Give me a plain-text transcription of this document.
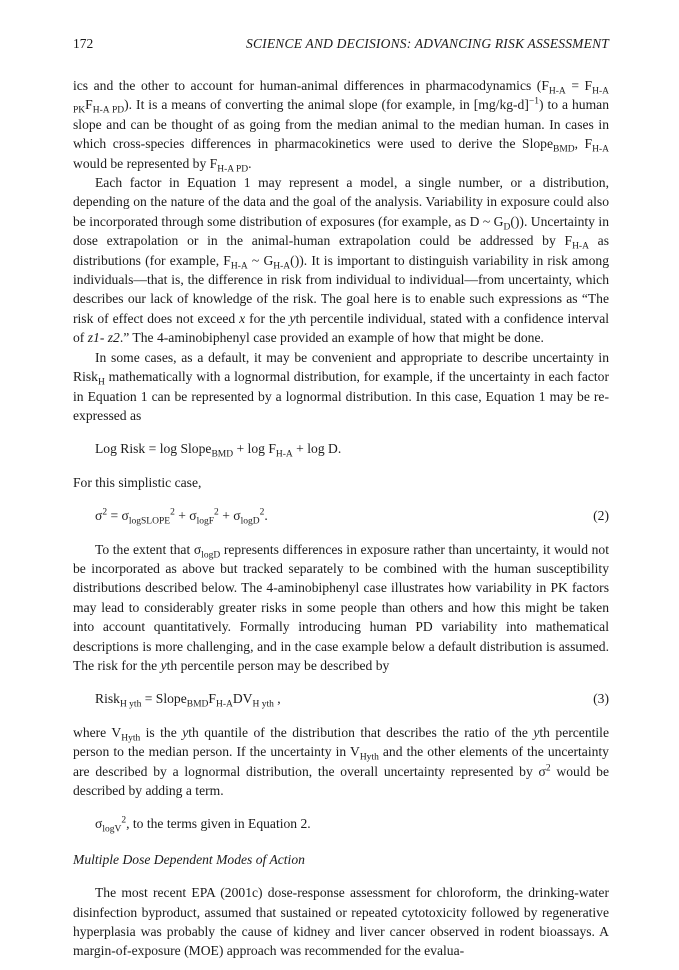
172	SCIENCE AND DECISIONS: ADVANCING RISK ASSESSMENT

ics and the other to account for human-animal differences in pharmacodynamics $(F_{H-A} = F_{H-A PK}F_{H-A PD})$. It is a means of converting the animal slope (for example, in $[mg/kg-d]^{-1}$) to a human slope and can be thought of as going from the median animal to the median human. In cases in which cross-species differences in pharmacokinetics were used to derive the Slope$_{BMD}$, $F_{H-A}$ would be represented by $F_{H-A PD}$.

Each factor in Equation 1 may represent a model, a single number, or a distribution, depending on the nature of the data and the goal of the analysis. Variability in exposure could also be incorporated through some distribution of exposures (for example, as D ~ $G_D()$). Uncertainty in dose extrapolation or in the animal-human extrapolation could be addressed by $F_{H-A}$ as distributions (for example, $F_{H-A}$ ~ $G_{H-A}()$). It is important to distinguish variability in risk among individuals—that is, the difference in risk from individual to individual—from uncertainty, which describes our lack of knowledge of the risk. The goal here is to enable such expressions as “The risk of effect does not exceed x for the yth percentile individual, stated with a confidence interval of z1- z2.” The 4-aminobiphenyl case provided an example of how that might be done.

In some cases, as a default, it may be convenient and appropriate to describe uncertainty in Risk$_H$ mathematically with a lognormal distribution, for example, if the uncertainty in each factor in Equation 1 can be represented by a lognormal distribution. In this case, Equation 1 may be re-expressed as

Log Risk = log Slope$_{BMD}$ + $\log F_{H-A} + \log D$.

For this simplistic case,

$\sigma^2 = \sigma_{logSLOPE}^2 + \sigma_{logF}^2 + \sigma_{logD}^2$.	(2)

To the extent that $\sigma_{logD}$ represents differences in exposure rather than uncertainty, it would not be incorporated as above but tracked separately to be combined with the human susceptibility distributions described below. The 4-aminobiphenyl case illustrates how variability in PK factors may lead to considerably greater risks in some people than others and how this might be taken into account quantitatively. Formally introducing human PD variability into mathematical descriptions is more challenging, and in the case example below a default distribution is assumed. The risk for the yth percentile person may be described by

Risk$_{H yth}$ = $Slope_{BMD}F_{H-A}DV_{H yth}$ ,	(3)

where $V_{Hyth}$ is the yth quantile of the distribution that describes the ratio of the yth percentile person to the median person. If the uncertainty in $V_{Hyth}$ and the other elements of the uncertainty are described by a lognormal distribution, the overall uncertainty represented by $\sigma^2$ would be described by adding a term.

$\sigma_{logV}^2$, to the terms given in Equation 2.

Multiple Dose Dependent Modes of Action

The most recent EPA (2001c) dose-response assessment for chloroform, the drinking-water disinfection byproduct, assumed that sustained or repeated cytotoxicity followed by regenerative hyperplasia was probably the cause of kidney and liver cancer observed in rodent bioassays. A margin-of-exposure (MOE) approach was recommended for the evalua-
